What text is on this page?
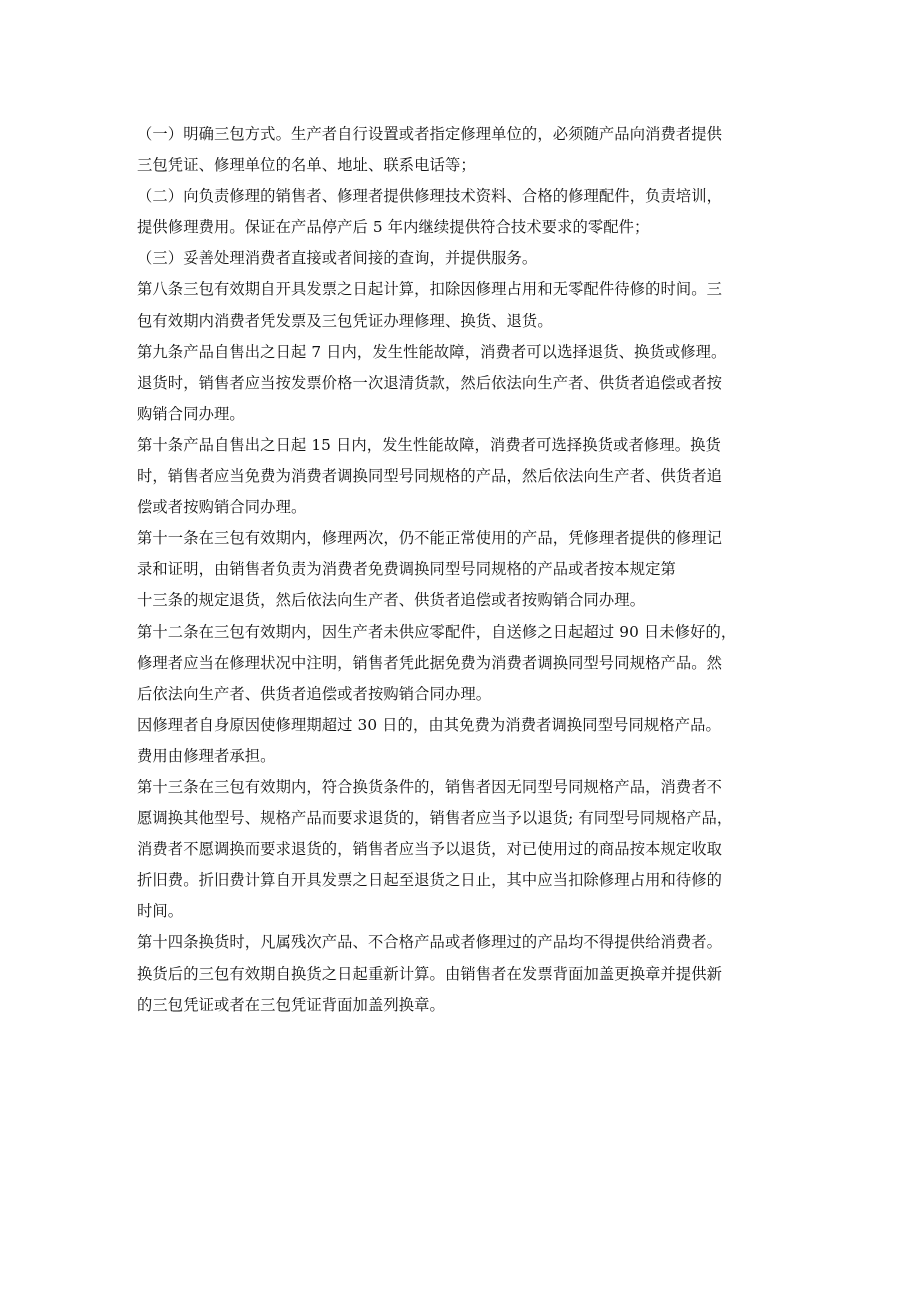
（一）明确三包方式。生产者自行设置或者指定修理单位的，必须随产品向消费者提供
三包凭证、修理单位的名单、地址、联系电话等；
（二）向负责修理的销售者、修理者提供修理技术资料、合格的修理配件，负责培训，
提供修理费用。保证在产品停产后 5 年内继续提供符合技术要求的零配件；
（三）妥善处理消费者直接或者间接的查询，并提供服务。
第八条三包有效期自开具发票之日起计算，扣除因修理占用和无零配件待修的时间。三
包有效期内消费者凭发票及三包凭证办理修理、换货、退货。
第九条产品自售出之日起 7 日内，发生性能故障，消费者可以选择退货、换货或修理。
退货时，销售者应当按发票价格一次退清货款，然后依法向生产者、供货者追偿或者按
购销合同办理。
第十条产品自售出之日起 15 日内，发生性能故障，消费者可选择换货或者修理。换货
时，销售者应当免费为消费者调换同型号同规格的产品，然后依法向生产者、供货者追
偿或者按购销合同办理。
第十一条在三包有效期内，修理两次，仍不能正常使用的产品，凭修理者提供的修理记
录和证明，由销售者负责为消费者免费调换同型号同规格的产品或者按本规定第
十三条的规定退货，然后依法向生产者、供货者追偿或者按购销合同办理。
第十二条在三包有效期内，因生产者未供应零配件，自送修之日起超过 90 日未修好的，
修理者应当在修理状况中注明，销售者凭此据免费为消费者调换同型号同规格产品。然
后依法向生产者、供货者追偿或者按购销合同办理。
因修理者自身原因使修理期超过 30 日的，由其免费为消费者调换同型号同规格产品。
费用由修理者承担。
第十三条在三包有效期内，符合换货条件的，销售者因无同型号同规格产品，消费者不
愿调换其他型号、规格产品而要求退货的，销售者应当予以退货; 有同型号同规格产品，
消费者不愿调换而要求退货的，销售者应当予以退货，对已使用过的商品按本规定收取
折旧费。折旧费计算自开具发票之日起至退货之日止，其中应当扣除修理占用和待修的
时间。
第十四条换货时，凡属残次产品、不合格产品或者修理过的产品均不得提供给消费者。
换货后的三包有效期自换货之日起重新计算。由销售者在发票背面加盖更换章并提供新
的三包凭证或者在三包凭证背面加盖列换章。
